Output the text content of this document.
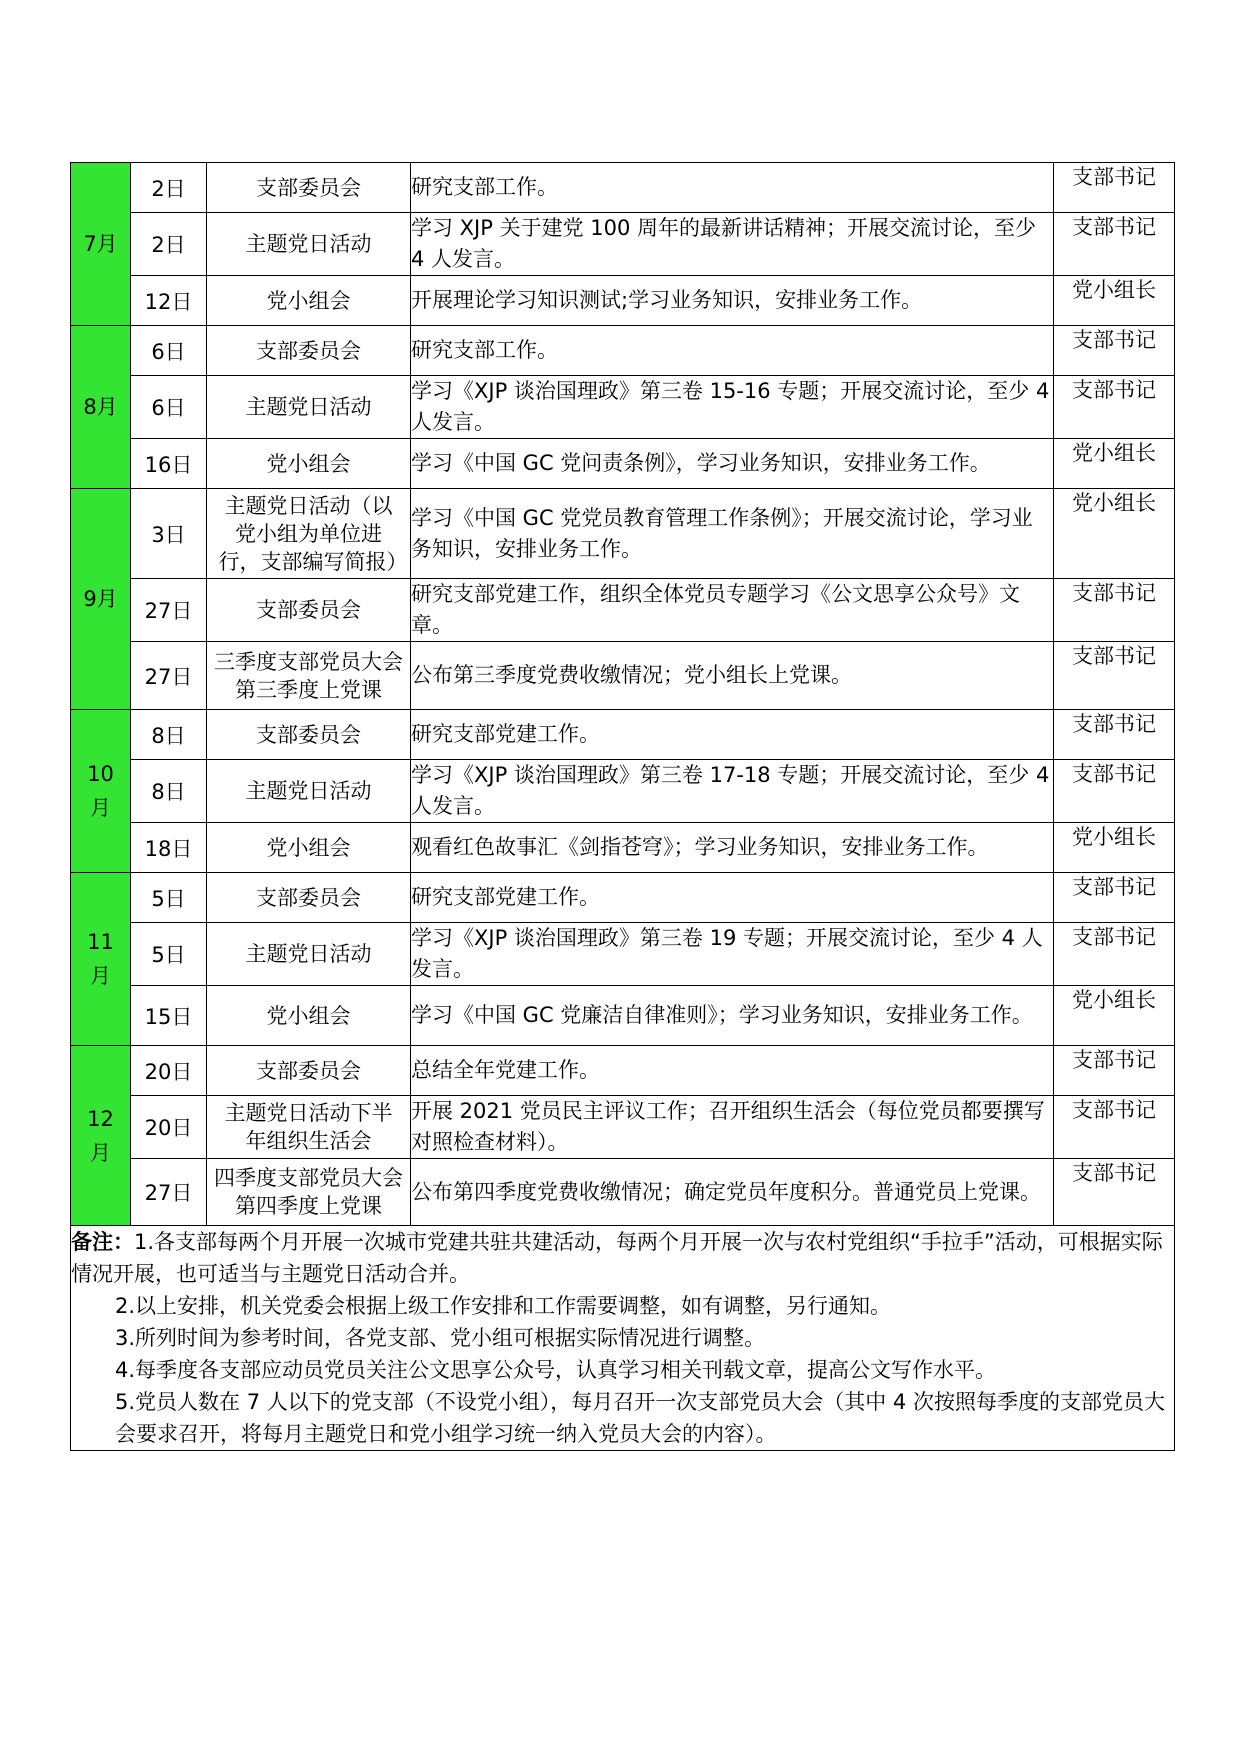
7月	2日	支部委员会	研究支部工作。	支部书记

	2日	主题党日活动	学习 XJP 关于建党 100 周年的最新讲话精神；开展交流讨论，至少 4 人发言。	支部书记

	12日	党小组会	开展理论学习知识测试;学习业务知识，安排业务工作。	党小组长

8月	6日	支部委员会	研究支部工作。	支部书记

	6日	主题党日活动	学习《XJP 谈治国理政》第三卷 15-16 专题；开展交流讨论，至少 4 人发言。	支部书记

	16日	党小组会	学习《中国 GC 党问责条例》，学习业务知识，安排业务工作。	党小组长

9月	3日	主题党日活动（以党小组为单位进行，支部编写简报）	学习《中国 GC 党党员教育管理工作条例》；开展交流讨论，学习业务知识，安排业务工作。	党小组长

	27日	支部委员会	研究支部党建工作，组织全体党员专题学习《公文思享公众号》文章。	支部书记

	27日	三季度支部党员大会第三季度上党课	公布第三季度党费收缴情况；党小组长上党课。	支部书记

10月	8日	支部委员会	研究支部党建工作。	支部书记

	8日	主题党日活动	学习《XJP 谈治国理政》第三卷 17-18 专题；开展交流讨论，至少 4 人发言。	支部书记

	18日	党小组会	观看红色故事汇《剑指苍穹》；学习业务知识，安排业务工作。	党小组长

11月	5日	支部委员会	研究支部党建工作。	支部书记

	5日	主题党日活动	学习《XJP 谈治国理政》第三卷 19 专题；开展交流讨论，至少 4 人发言。	支部书记

	15日	党小组会	学习《中国 GC 党廉洁自律准则》；学习业务知识，安排业务工作。	党小组长

12月	20日	支部委员会	总结全年党建工作。	支部书记

	20日	主题党日活动下半年组织生活会	开展 2021 党员民主评议工作；召开组织生活会（每位党员都要撰写对照检查材料）。	支部书记

	27日	四季度支部党员大会第四季度上党课	公布第四季度党费收缴情况；确定党员年度积分。普通党员上党课。	支部书记

备注：1.各支部每两个月开展一次城市党建共驻共建活动，每两个月开展一次与农村党组织“手拉手”活动，可根据实际情况开展，也可适当与主题党日活动合并。
2.以上安排，机关党委会根据上级工作安排和工作需要调整，如有调整，另行通知。
3.所列时间为参考时间，各党支部、党小组可根据实际情况进行调整。
4.每季度各支部应动员党员关注公文思享公众号，认真学习相关刊载文章，提高公文写作水平。
5.党员人数在 7 人以下的党支部（不设党小组），每月召开一次支部党员大会（其中 4 次按照每季度的支部党员大会要求召开，将每月主题党日和党小组学习统一纳入党员大会的内容）。				
